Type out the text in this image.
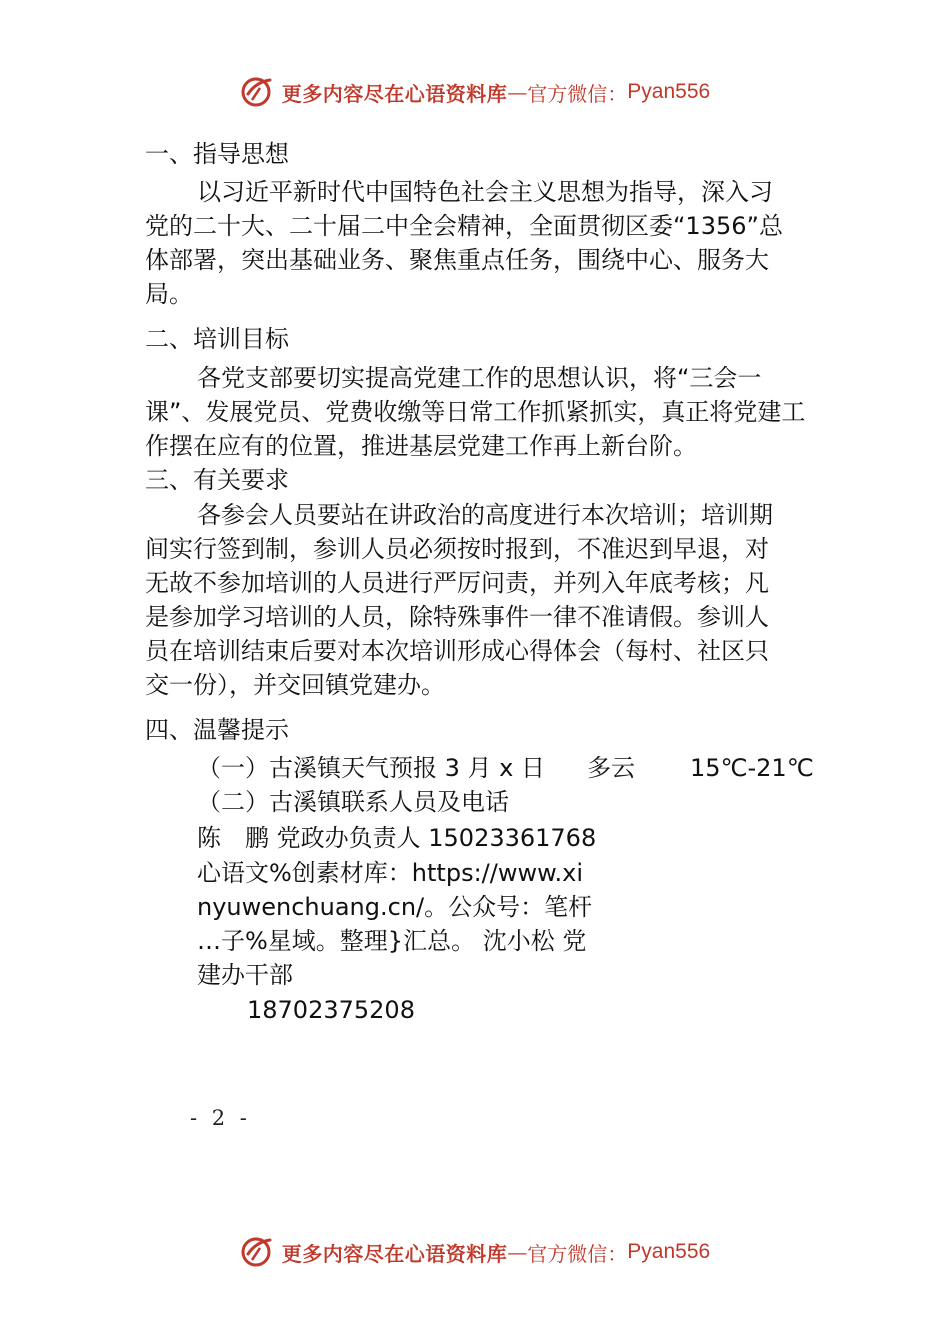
更多内容尽在心语资料库 — 官方微信： Pyan556
一、指导思想
以习近平新时代中国特色社会主义思想为指导，深入习
党的二十大、二十届二中全会精神，全面贯彻区委“1356”总
体部署，突出基础业务、聚焦重点任务，围绕中心、服务大
局。
二、培训目标
各党支部要切实提高党建工作的思想认识，将“三会一
课”、发展党员、党费收缴等日常工作抓紧抓实，真正将党建工
作摆在应有的位置，推进基层党建工作再上新台阶。
三、有关要求
各参会人员要站在讲政治的高度进行本次培训；培训期
间实行签到制，参训人员必须按时报到，不准迟到早退，对
无故不参加培训的人员进行严厉问责，并列入年底考核；凡
是参加学习培训的人员，除特殊事件一律不准请假。参训人
员在培训结束后要对本次培训形成心得体会（每村、社区只
交一份），并交回镇党建办。
四、温馨提示
（一）古溪镇天气预报 3 月 x 日 多云 15℃-21℃
（二）古溪镇联系人员及电话
陈　鹏 党政办负责人 15023361768
心语文%创素材库：https://www.xi
nyuwenchuang.cn/。公众号：笔杆
…子%星域。整理}汇总。 沈小松 党
建办干部
18702375208
- 2 -
更多内容尽在心语资料库 — 官方微信： Pyan556
